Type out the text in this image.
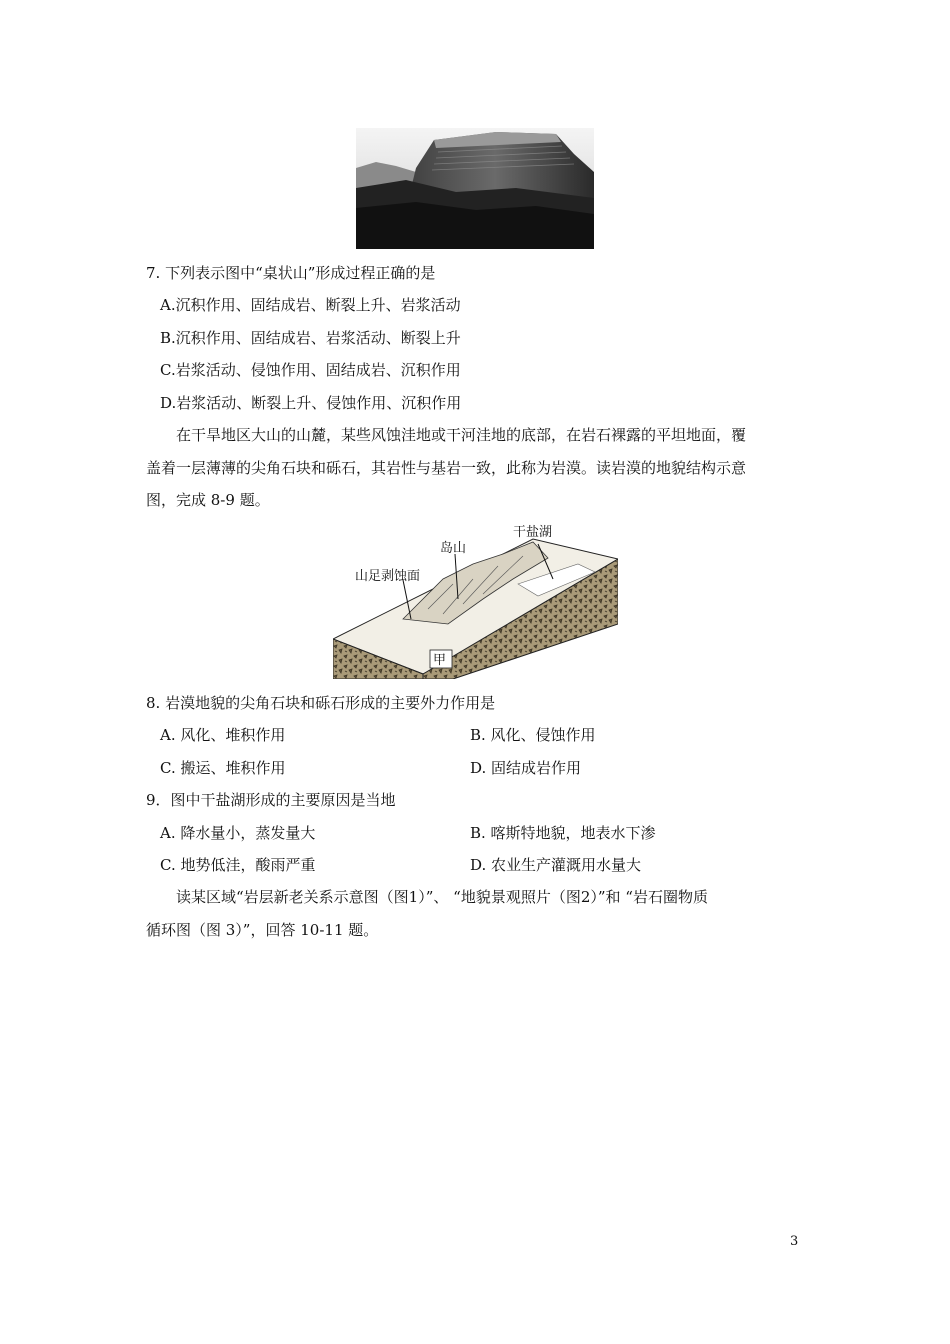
7. 下列表示图中“桌状山”形成过程正确的是
A.沉积作用、固结成岩、断裂上升、岩浆活动
B.沉积作用、固结成岩、岩浆活动、断裂上升
C.岩浆活动、侵蚀作用、固结成岩、沉积作用
D.岩浆活动、断裂上升、侵蚀作用、沉积作用
在干旱地区大山的山麓，某些风蚀洼地或干河洼地的底部，在岩石裸露的平坦地面，覆
盖着一层薄薄的尖角石块和砾石，其岩性与基岩一致，此称为岩漠。读岩漠的地貌结构示意
图，完成 8-9 题。
干盐湖
岛山
山足剥蚀面
甲
8. 岩漠地貌的尖角石块和砾石形成的主要外力作用是
A. 风化、堆积作用	B. 风化、侵蚀作用
C. 搬运、堆积作用	D. 固结成岩作用
9．图中干盐湖形成的主要原因是当地
A. 降水量小，蒸发量大	B. 喀斯特地貌，地表水下渗
C. 地势低洼，酸雨严重	D. 农业生产灌溉用水量大
读某区域“岩层新老关系示意图（图1）”、 “地貌景观照片（图2）”和 “岩石圈物质
循环图（图 3）”，回答 10-11 题。
3
